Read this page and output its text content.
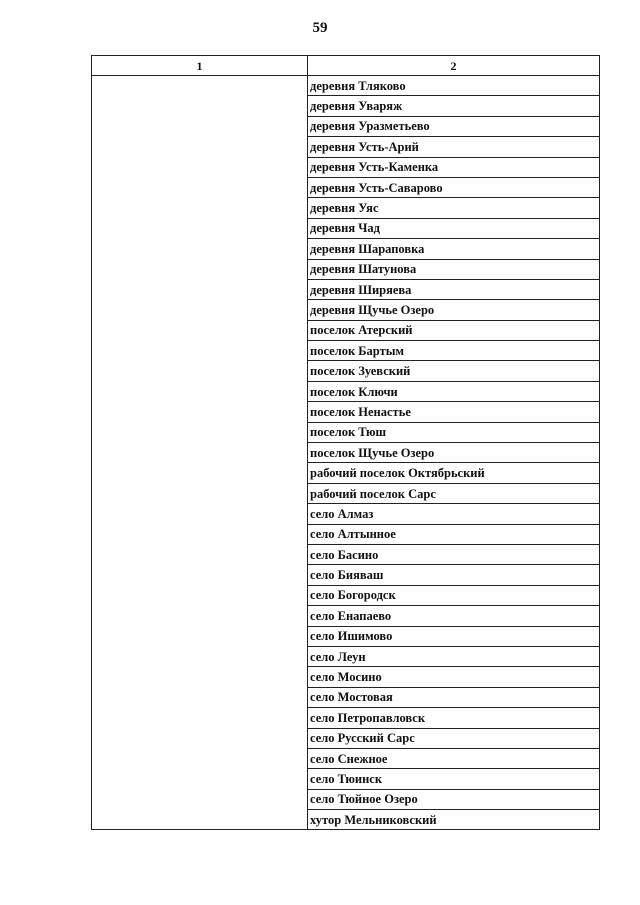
59
1	2
	деревня Тляково
	деревня Уваряж
	деревня Уразметьево
	деревня Усть-Арий
	деревня Усть-Каменка
	деревня Усть-Саварово
	деревня Уяс
	деревня Чад
	деревня Шараповка
	деревня Шатунова
	деревня Ширяева
	деревня Щучье Озеро
	поселок Атерский
	поселок Бартым
	поселок Зуевский
	поселок Ключи
	поселок Ненастье
	поселок Тюш
	поселок Щучье Озеро
	рабочий поселок Октябрьский
	рабочий поселок Сарс
	село Алмаз
	село Алтынное
	село Басино
	село Бияваш
	село Богородск
	село Енапаево
	село Ишимово
	село Леун
	село Мосино
	село Мостовая
	село Петропавловск
	село Русский Сарс
	село Снежное
	село Тюинск
	село Тюйное Озеро
	хутор Мельниковский
